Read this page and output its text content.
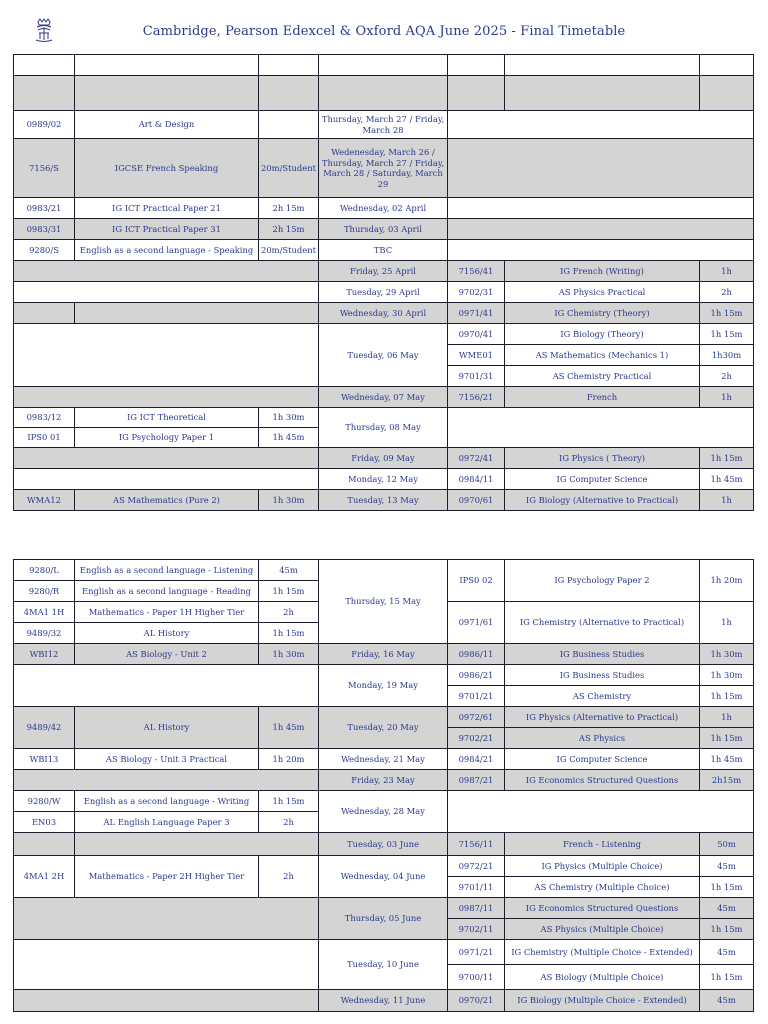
Cambridge, Pearson Edexcel & Oxford AQA June 2025 - Final Timetable

0989/02	Art & Design		Thursday, March 27 / Friday, March 28			
7156/S	IGCSE French Speaking	20m/Student	Wedenesday, March 26 / Thursday, March 27 / Friday, March 28 / Saturday, March 29			
0983/21	IG ICT Practical Paper 21	2h 15m	Wednesday, 02 April			
0983/31	IG ICT Practical Paper 31	2h 15m	Thursday, 03 April			
9280/S	English as a second language - Speaking	20m/Student	TBC			
			Friday, 25 April	7156/41	IG French (Writing)	1h
			Tuesday, 29 April	9702/31	AS Physics Practical	2h
			Wednesday, 30 April	0971/41	IG Chemistry (Theory)	1h 15m
			Tuesday, 06 May	0970/41	IG Biology (Theory)	1h 15m
				WME01	AS Mathematics (Mechanics 1)	1h30m
				9701/31	AS Chemistry Practical	2h
			Wednesday, 07 May	7156/21	French	1h
0983/12	IG ICT Theoretical	1h 30m	Thursday, 08 May			
IPS0 01	IG Psychology Paper 1	1h 45m				
			Friday, 09 May	0972/41	IG Physics ( Theory)	1h 15m
			Monday, 12 May	0984/11	IG Computer Science	1h 45m
WMA12	AS Mathematics (Pure 2)	1h 30m	Tuesday, 13 May	0970/61	IG Biology (Alternative to Practical)	1h
9280/L	English as a second language - Listening	45m	Thursday, 15 May	IPS0 02	IG Psychology Paper 2	1h 20m
9280/R	English as a second language - Reading	1h 15m				
4MA1 1H	Mathematics - Paper 1H Higher Tier	2h		0971/61	IG Chemistry (Alternative to Practical)	1h
9489/32	AL History	1h 15m				
WBI12	AS Biology - Unit 2	1h 30m	Friday, 16 May	0986/11	IG Business Studies	1h 30m
			Monday, 19 May	0986/21	IG Business Studies	1h 30m
				9701/21	AS Chemistry	1h 15m
9489/42	AL History	1h 45m	Tuesday, 20 May	0972/61	IG Physics (Alternative to Practical)	1h
				9702/21	AS Physics	1h 15m
WBI13	AS Biology - Unit 3 Practical	1h 20m	Wednesday, 21 May	0984/21	IG Computer Science	1h 45m
			Friday, 23 May	0987/21	IG Economics Structured Questions	2h15m
9280/W	English as a second language - Writing	1h 15m	Wednesday, 28 May			
EN03	AL English Language Paper 3	2h				
			Tuesday, 03 June	7156/11	French - Listening	50m
4MA1 2H	Mathematics - Paper 2H Higher Tier	2h	Wednesday, 04 June	0972/21	IG Physics (Multiple Choice)	45m
				9701/11	AS Chemistry (Multiple Choice)	1h 15m
			Thursday, 05 June	0987/11	IG Economics Structured Questions	45m
				9702/11	AS Physics (Multiple Choice)	1h 15m
			Tuesday, 10 June	0971/21	IG Chemistry (Multiple Choice - Extended)	45m
				9700/11	AS Biology (Multiple Choice)	1h 15m
			Wednesday, 11 June	0970/21	IG Biology (Multiple Choice - Extended)	45m
